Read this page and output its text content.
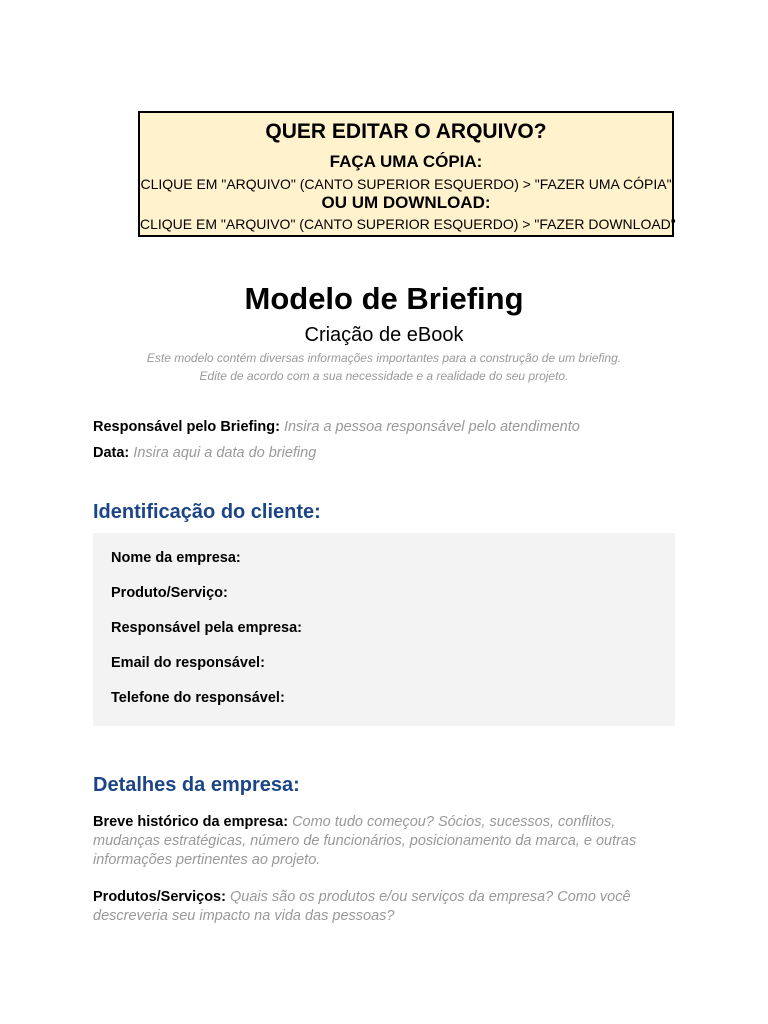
QUER EDITAR O ARQUIVO?
FAÇA UMA CÓPIA:
CLIQUE EM "ARQUIVO" (CANTO SUPERIOR ESQUERDO) > "FAZER UMA CÓPIA"
OU UM DOWNLOAD:
CLIQUE EM "ARQUIVO" (CANTO SUPERIOR ESQUERDO) > "FAZER DOWNLOAD"
Modelo de Briefing
Criação de eBook
Este modelo contém diversas informações importantes para a construção de um briefing. Edite de acordo com a sua necessidade e a realidade do seu projeto.
Responsável pelo Briefing: Insira a pessoa responsável pelo atendimento
Data: Insira aqui a data do briefing
Identificação do cliente:
Nome da empresa:
Produto/Serviço:
Responsável pela empresa:
Email do responsável:
Telefone do responsável:
Detalhes da empresa:
Breve histórico da empresa: Como tudo começou? Sócios, sucessos, conflitos, mudanças estratégicas, número de funcionários, posicionamento da marca, e outras informações pertinentes ao projeto.
Produtos/Serviços: Quais são os produtos e/ou serviços da empresa? Como você descreveria seu impacto na vida das pessoas?
